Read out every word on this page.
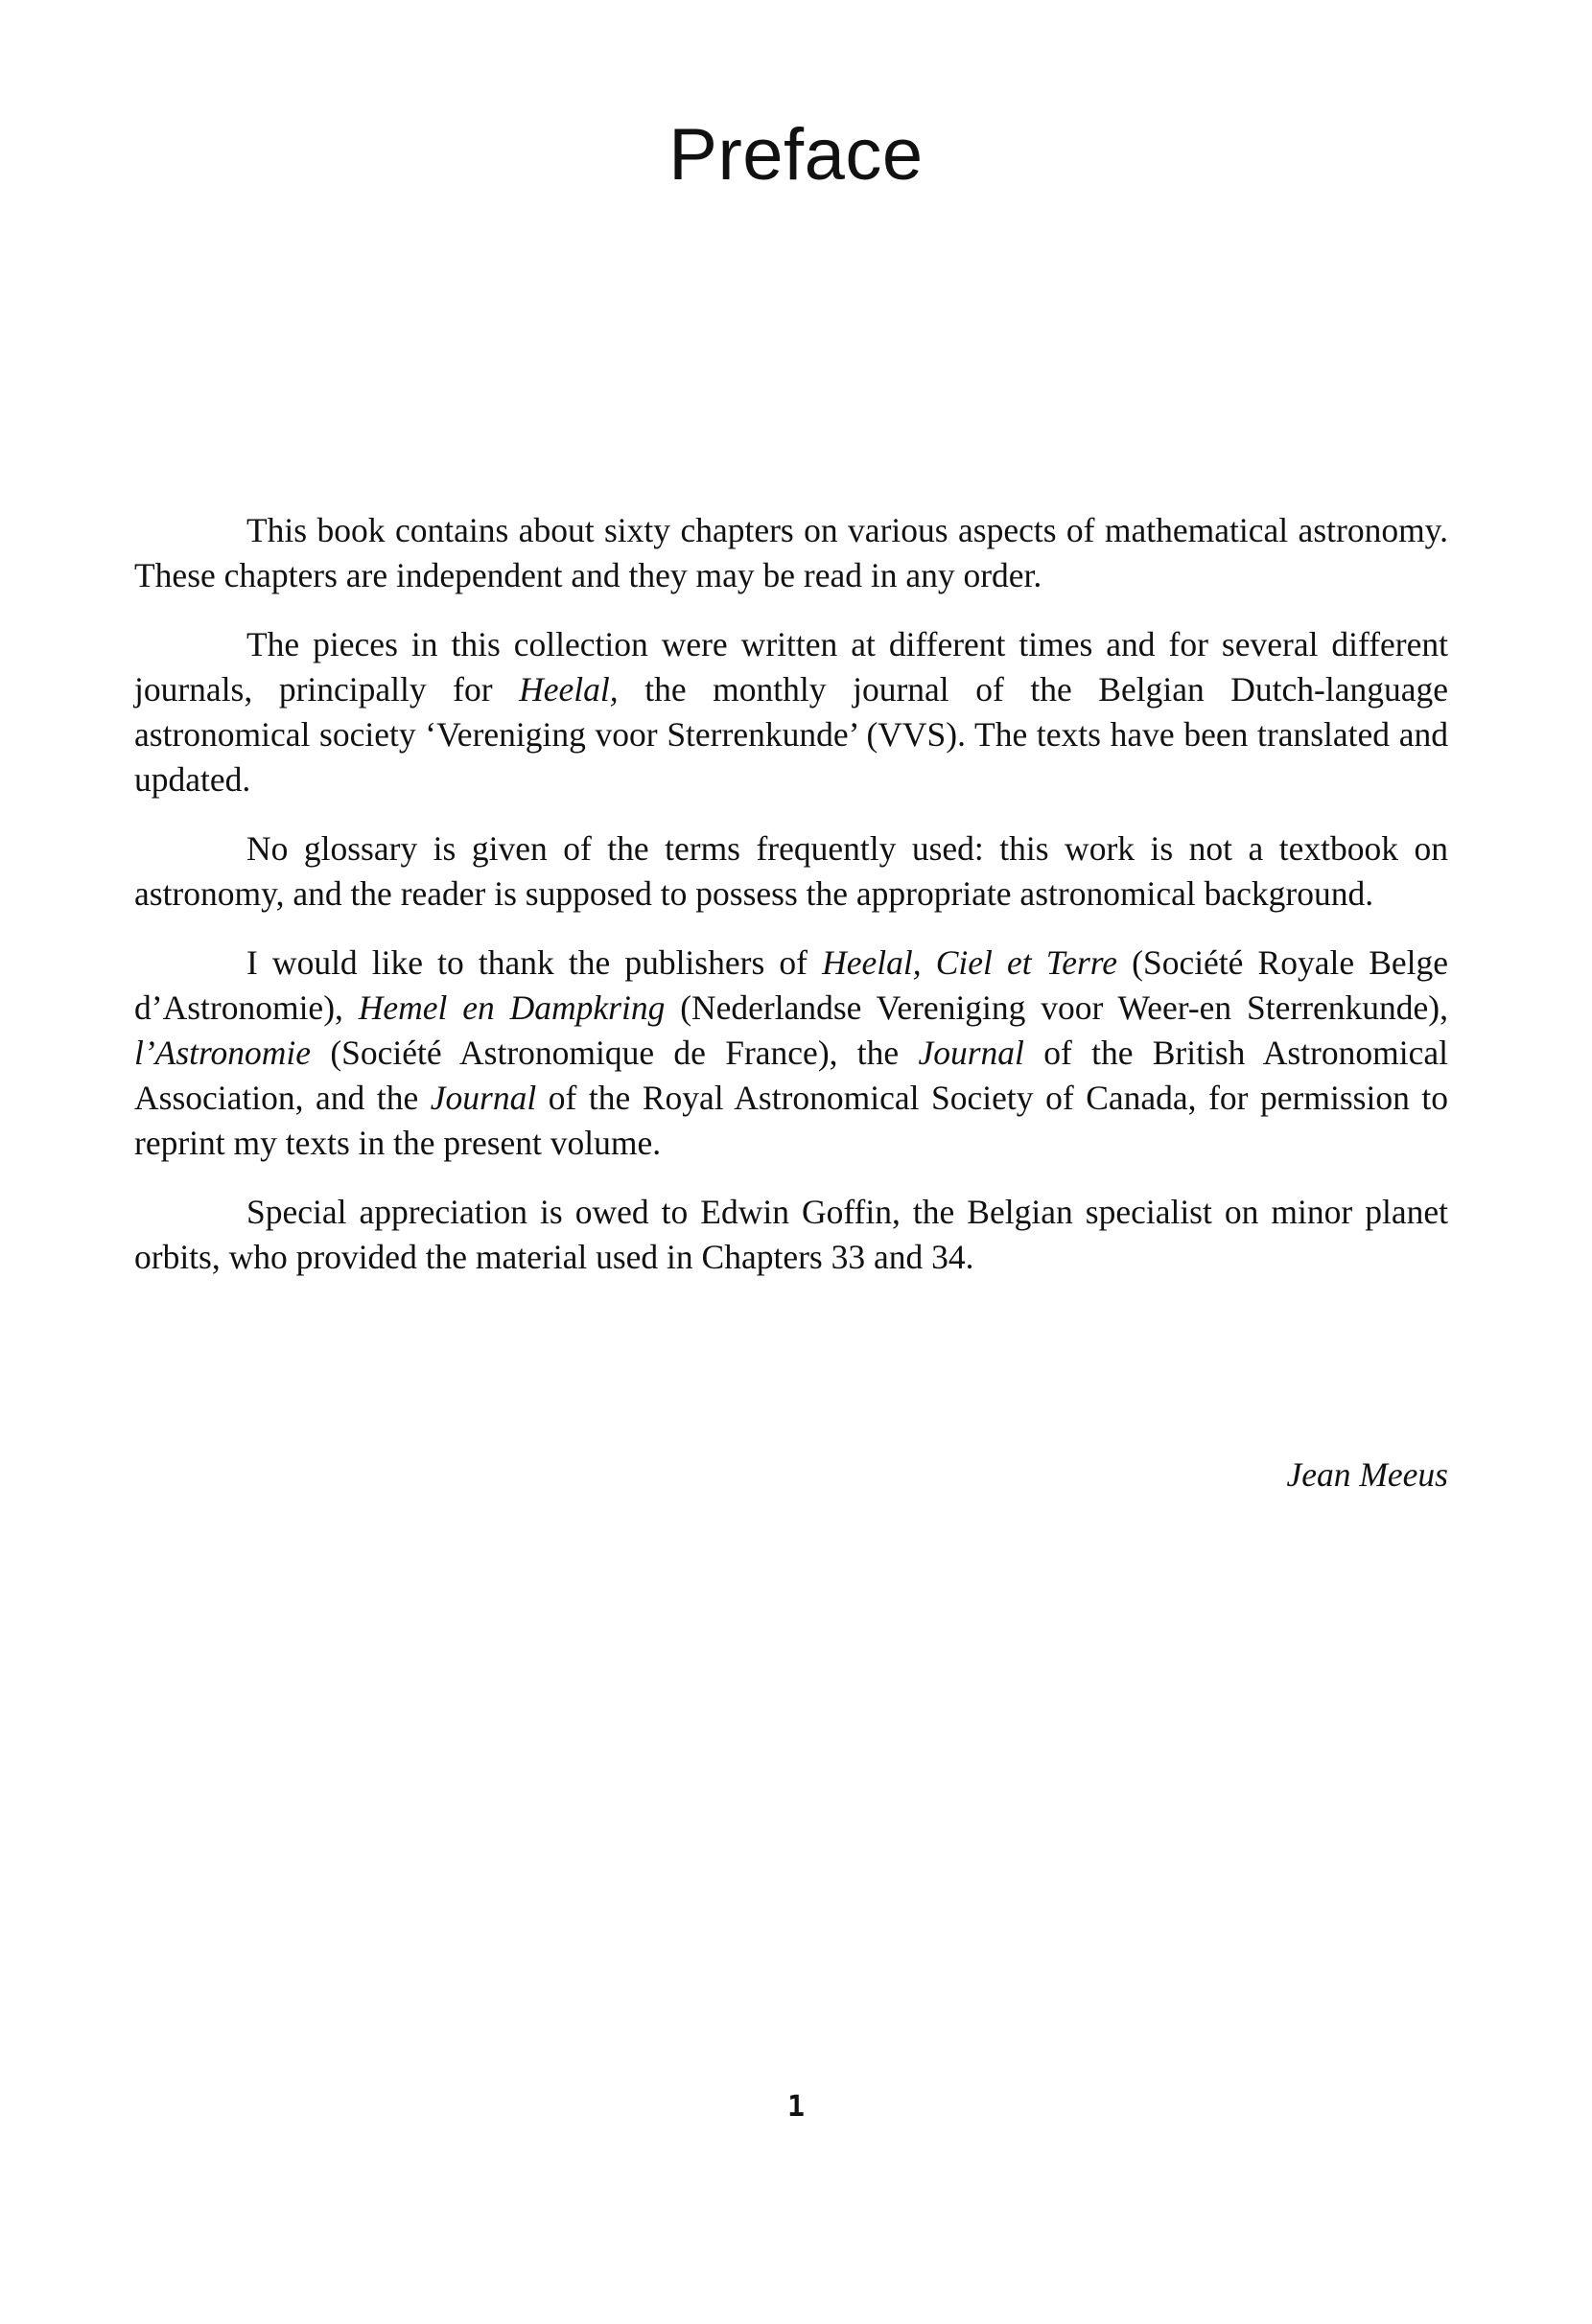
Preface

This book contains about sixty chapters on various aspects of mathematical astronomy. These chapters are independent and they may be read in any order.

The pieces in this collection were written at different times and for several different journals, principally for Heelal, the monthly journal of the Belgian Dutch-language astronomical society ‘Vereniging voor Sterrenkunde’ (VVS). The texts have been translated and updated.

No glossary is given of the terms frequently used: this work is not a textbook on astronomy, and the reader is supposed to possess the appropriate astronomical background.

I would like to thank the publishers of Heelal, Ciel et Terre (Société Royale Belge d’Astronomie), Hemel en Dampkring (Nederlandse Vereniging voor Weer-en Sterrenkunde), l’Astronomie (Société Astronomique de France), the Journal of the British Astronomical Association, and the Journal of the Royal Astronomical Society of Canada, for permission to reprint my texts in the present volume.

Special appreciation is owed to Edwin Goffin, the Belgian specialist on minor planet orbits, who provided the material used in Chapters 33 and 34.

Jean Meeus
1
